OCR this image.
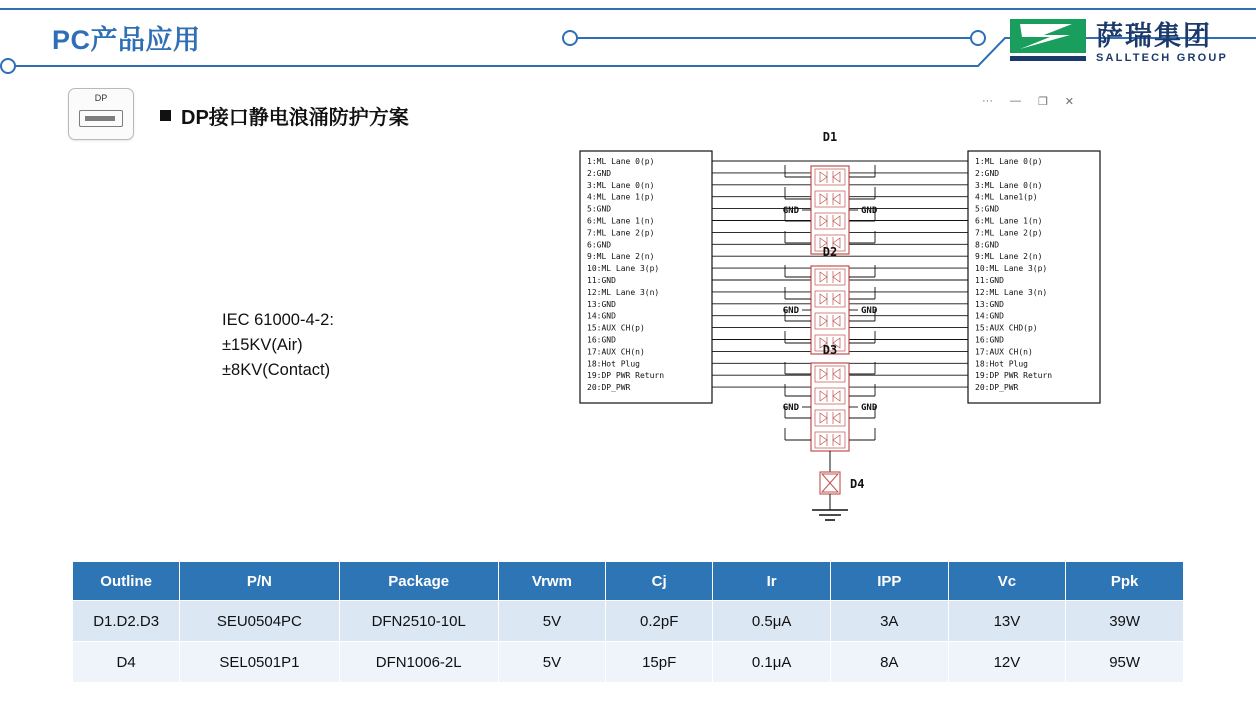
PC产品应用	萨瑞集团
SALLTECH GROUP
··· — ❐ ✕
DP
DP接口静电浪涌防护方案
IEC 61000-4-2:
±15KV(Air)
±8KV(Contact)
1:ML Lane 0(p)
2:GND
3:ML Lane 0(n)
4:ML Lane 1(p)
5:GND
6:ML Lane 1(n)
7:ML Lane 2(p)
6:GND
9:ML Lane 2(n)
10:ML Lane 3(p)
11:GND
12:ML Lane 3(n)
13:GND
14:GND
15:AUX CH(p)
16:GND
17:AUX CH(n)
18:Hot Plug
19:DP PWR Return
20:DP_PWR
1:ML Lane 0(p)
2:GND
3:ML Lane 0(n)
4:ML Lane1(p)
5:GND
6:ML Lane 1(n)
7:ML Lane 2(p)
8:GND
9:ML Lane 2(n)
10:ML Lane 3(p)
11:GND
12:ML Lane 3(n)
13:GND
14:GND
15:AUX CHD(p)
16:GND
17:AUX CH(n)
18:Hot Plug
19:DP PWR Return
20:DP_PWR
D1
GND	GND
D2
GND	GND
D3
GND	GND
D4
Outline	P/N	Package	Vrwm	Cj	Ir	IPP	Vc	Ppk
D1.D2.D3	SEU0504PC	DFN2510-10L	5V	0.2pF	0.5μA	3A	13V	39W
D4	SEL0501P1	DFN1006-2L	5V	15pF	0.1μA	8A	12V	95W
